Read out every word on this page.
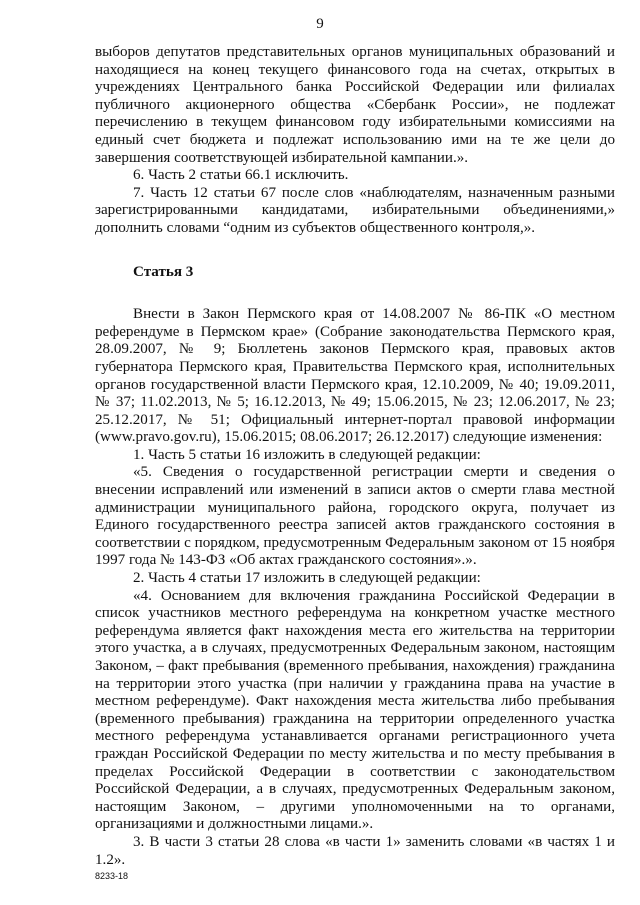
9

выборов депутатов представительных органов муниципальных образований и находящиеся на конец текущего финансового года на счетах, открытых в учреждениях Центрального банка Российской Федерации или филиалах публичного акционерного общества «Сбербанк России», не подлежат перечислению в текущем финансовом году избирательными комиссиями на единый счет бюджета и подлежат использованию ими на те же цели до завершения соответствующей избирательной кампании.».

6. Часть 2 статьи 66.1 исключить.

7. Часть 12 статьи 67 после слов «наблюдателям, назначенным разными зарегистрированными кандидатами, избирательными объединениями,» дополнить словами “одним из субъектов общественного контроля,».

Статья 3

Внести в Закон Пермского края от 14.08.2007 № 86-ПК «О местном референдуме в Пермском крае» (Собрание законодательства Пермского края, 28.09.2007, № 9; Бюллетень законов Пермского края, правовых актов губернатора Пермского края, Правительства Пермского края, исполнительных органов государственной власти Пермского края, 12.10.2009, № 40; 19.09.2011, № 37; 11.02.2013, № 5; 16.12.2013, № 49; 15.06.2015, № 23; 12.06.2017, № 23; 25.12.2017, № 51; Официальный интернет-портал правовой информации (www.pravo.gov.ru), 15.06.2015; 08.06.2017; 26.12.2017) следующие изменения:

1. Часть 5 статьи 16 изложить в следующей редакции:

«5. Сведения о государственной регистрации смерти и сведения о внесении исправлений или изменений в записи актов о смерти глава местной администрации муниципального района, городского округа, получает из Единого государственного реестра записей актов гражданского состояния в соответствии с порядком, предусмотренным Федеральным законом от 15 ноября 1997 года № 143-ФЗ «Об актах гражданского состояния».».

2. Часть 4 статьи 17 изложить в следующей редакции:

«4. Основанием для включения гражданина Российской Федерации в список участников местного референдума на конкретном участке местного референдума является факт нахождения места его жительства на территории этого участка, а в случаях, предусмотренных Федеральным законом, настоящим Законом, – факт пребывания (временного пребывания, нахождения) гражданина на территории этого участка (при наличии у гражданина права на участие в местном референдуме). Факт нахождения места жительства либо пребывания (временного пребывания) гражданина на территории определенного участка местного референдума устанавливается органами регистрационного учета граждан Российской Федерации по месту жительства и по месту пребывания в пределах Российской Федерации в соответствии с законодательством Российской Федерации, а в случаях, предусмотренных Федеральным законом, настоящим Законом, – другими уполномоченными на то органами, организациями и должностными лицами.».

3. В части 3 статьи 28 слова «в части 1» заменить словами «в частях 1 и 1.2».

8233-18
